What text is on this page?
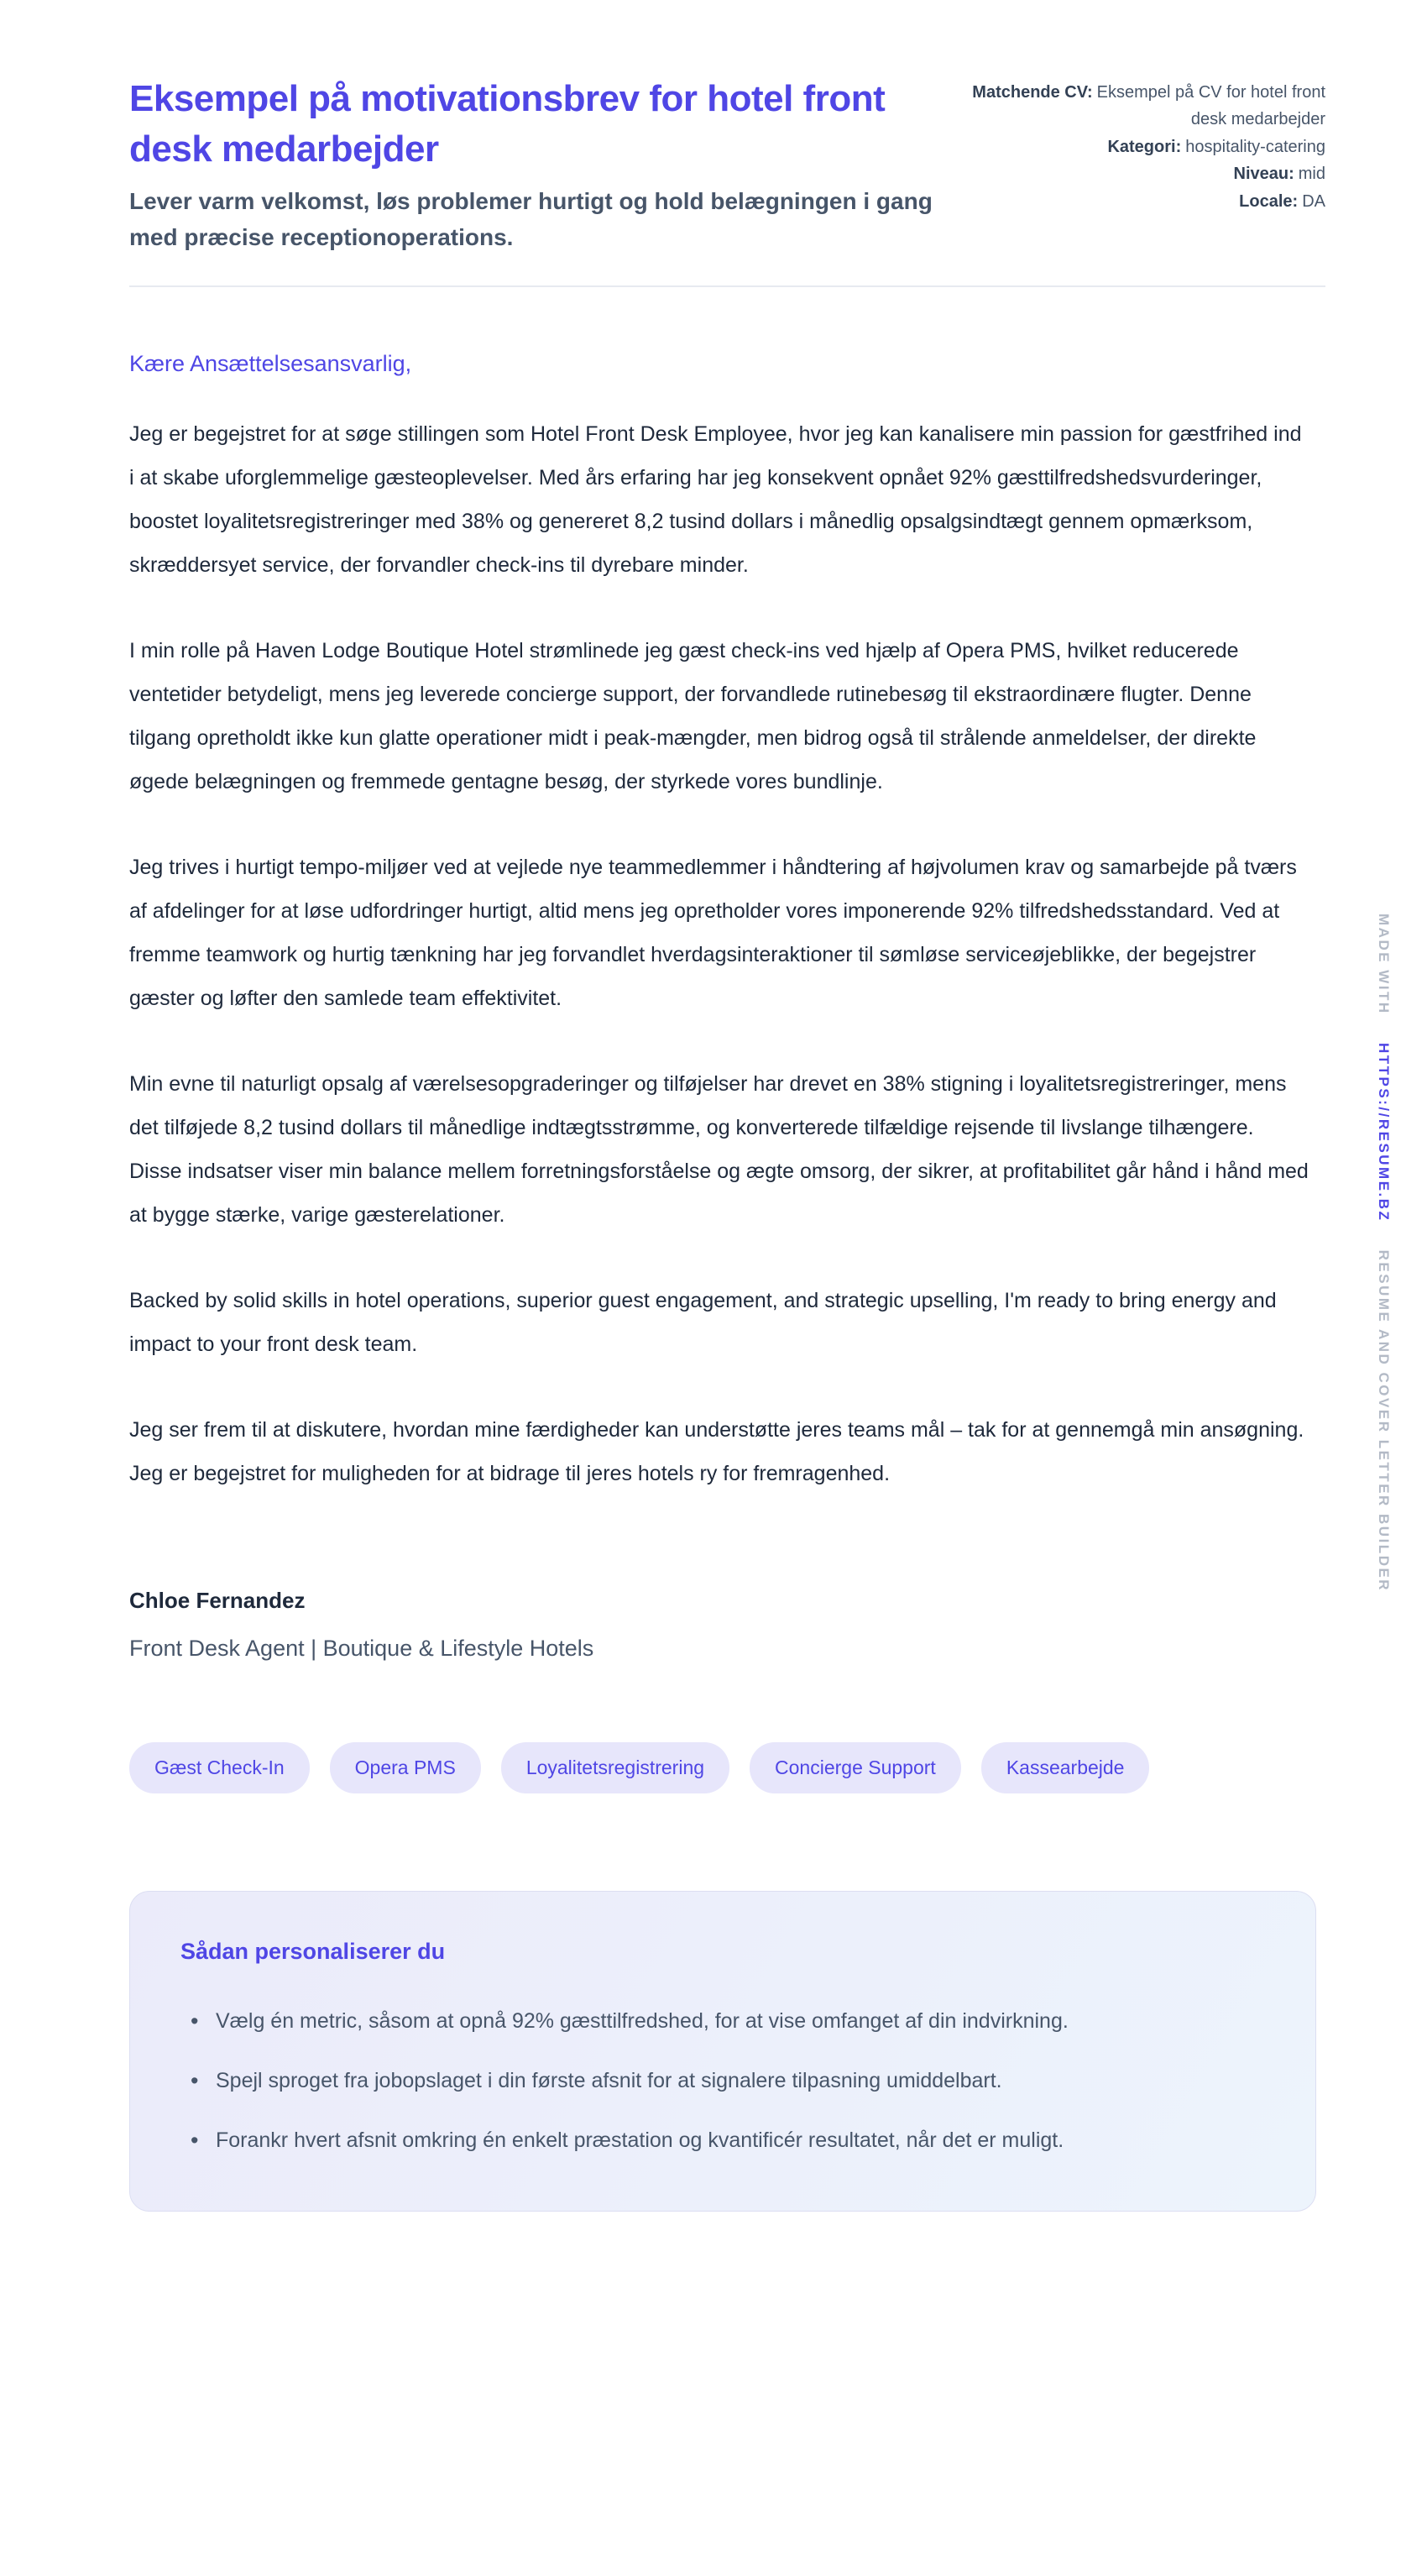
Eksempel på motivationsbrev for hotel front desk medarbejder

Lever varm velkomst, løs problemer hurtigt og hold belægningen i gang med præcise receptionoperations.

Matchende CV: Eksempel på CV for hotel front desk medarbejder
Kategori: hospitality-catering
Niveau: mid
Locale: DA

Kære Ansættelsesansvarlig,

Jeg er begejstret for at søge stillingen som Hotel Front Desk Employee, hvor jeg kan kanalisere min passion for gæstfrihed ind i at skabe uforglemmelige gæsteoplevelser. Med års erfaring har jeg konsekvent opnået 92% gæsttilfredshedsvurderinger, boostet loyalitetsregistreringer med 38% og genereret 8,2 tusind dollars i månedlig opsalgsindtægt gennem opmærksom, skræddersyet service, der forvandler check-ins til dyrebare minder.

I min rolle på Haven Lodge Boutique Hotel strømlinede jeg gæst check-ins ved hjælp af Opera PMS, hvilket reducerede ventetider betydeligt, mens jeg leverede concierge support, der forvandlede rutinebesøg til ekstraordinære flugter. Denne tilgang opretholdt ikke kun glatte operationer midt i peak-mængder, men bidrog også til strålende anmeldelser, der direkte øgede belægningen og fremmede gentagne besøg, der styrkede vores bundlinje.

Jeg trives i hurtigt tempo-miljøer ved at vejlede nye teammedlemmer i håndtering af højvolumen krav og samarbejde på tværs af afdelinger for at løse udfordringer hurtigt, altid mens jeg opretholder vores imponerende 92% tilfredshedsstandard. Ved at fremme teamwork og hurtig tænkning har jeg forvandlet hverdagsinteraktioner til sømløse serviceøjeblikke, der begejstrer gæster og løfter den samlede team effektivitet.

Min evne til naturligt opsalg af værelsesopgraderinger og tilføjelser har drevet en 38% stigning i loyalitetsregistreringer, mens det tilføjede 8,2 tusind dollars til månedlige indtægtsstrømme, og konverterede tilfældige rejsende til livslange tilhængere. Disse indsatser viser min balance mellem forretningsforståelse og ægte omsorg, der sikrer, at profitabilitet går hånd i hånd med at bygge stærke, varige gæsterelationer.

Backed by solid skills in hotel operations, superior guest engagement, and strategic upselling, I'm ready to bring energy and impact to your front desk team.

Jeg ser frem til at diskutere, hvordan mine færdigheder kan understøtte jeres teams mål – tak for at gennemgå min ansøgning. Jeg er begejstret for muligheden for at bidrage til jeres hotels ry for fremragenhed.

Chloe Fernandez

Front Desk Agent | Boutique & Lifestyle Hotels

Gæst Check-In	Opera PMS	Loyalitetsregistrering	Concierge Support	Kassearbejde
Sådan personaliserer du
• Vælg én metric, såsom at opnå 92% gæsttilfredshed, for at vise omfanget af din indvirkning.
• Spejl sproget fra jobopslaget i din første afsnit for at signalere tilpasning umiddelbart.
• Forankr hvert afsnit omkring én enkelt præstation og kvantificér resultatet, når det er muligt.
MADE WITH HTTPS://RESUME.BZ RESUME AND COVER LETTER BUILDER
